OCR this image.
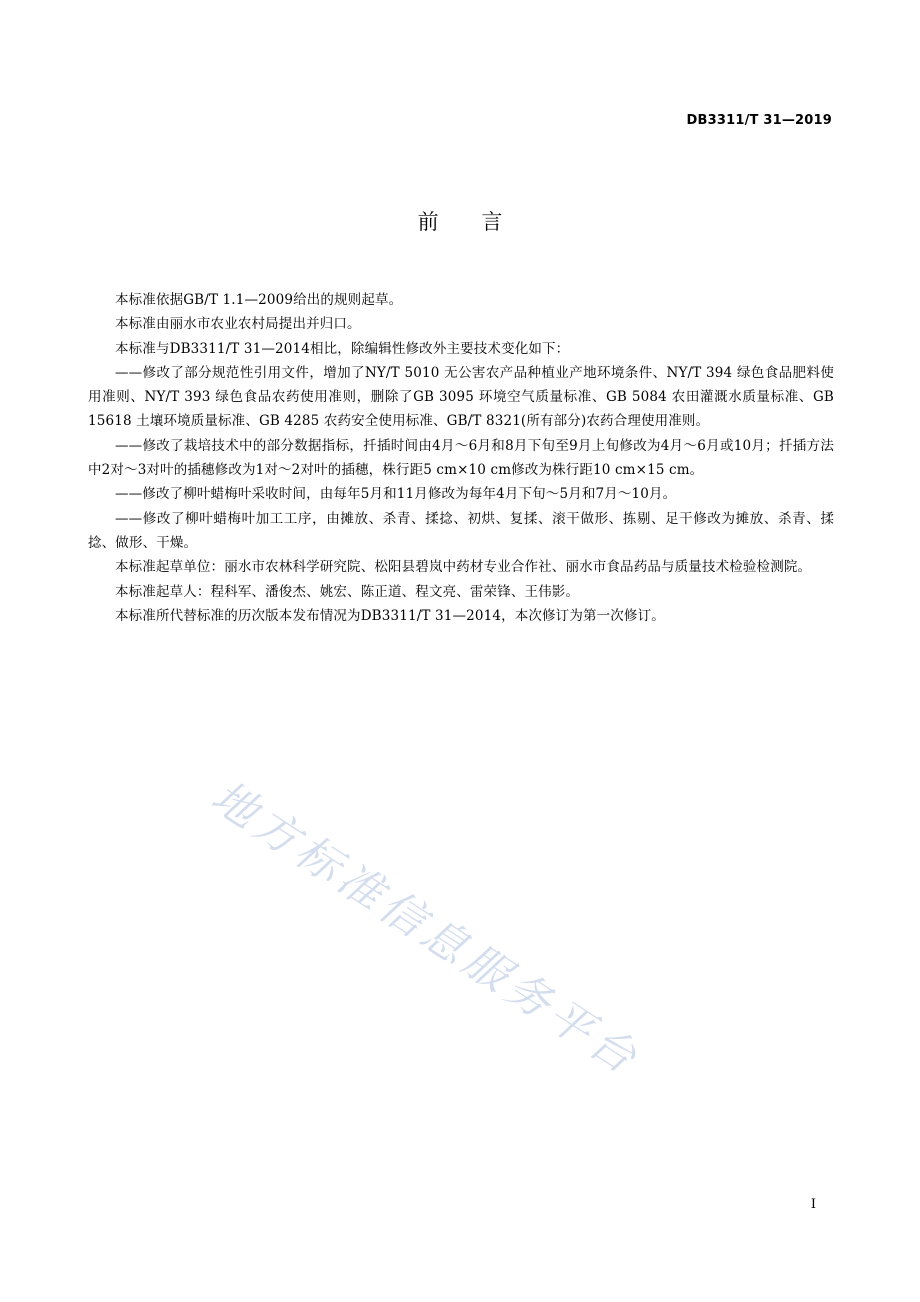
DB3311/T 31—2019
前 言

本标准依据GB/T 1.1—2009给出的规则起草。

本标准由丽水市农业农村局提出并归口。

本标准与DB3311/T 31—2014相比，除编辑性修改外主要技术变化如下：

——修改了部分规范性引用文件，增加了NY/T 5010 无公害农产品种植业产地环境条件、NY/T 394 绿色食品肥料使用准则、NY/T 393 绿色食品农药使用准则，删除了GB 3095 环境空气质量标准、GB 5084 农田灌溉水质量标准、GB 15618 土壤环境质量标准、GB 4285 农药安全使用标准、GB/T 8321(所有部分)农药合理使用准则。

——修改了栽培技术中的部分数据指标，扦插时间由4月～6月和8月下旬至9月上旬修改为4月～6月或10月；扦插方法中2对～3对叶的插穗修改为1对～2对叶的插穗，株行距5 cm×10 cm修改为株行距10 cm×15 cm。

——修改了柳叶蜡梅叶采收时间，由每年5月和11月修改为每年4月下旬～5月和7月～10月。

——修改了柳叶蜡梅叶加工工序，由摊放、杀青、揉捻、初烘、复揉、滚干做形、拣剔、足干修改为摊放、杀青、揉捻、做形、干燥。

本标准起草单位：丽水市农林科学研究院、松阳县碧岚中药材专业合作社、丽水市食品药品与质量技术检验检测院。

本标准起草人：程科军、潘俊杰、姚宏、陈正道、程文亮、雷荣锋、王伟影。

本标准所代替标准的历次版本发布情况为DB3311/T 31—2014，本次修订为第一次修订。

地方标准信息服务平台
I
